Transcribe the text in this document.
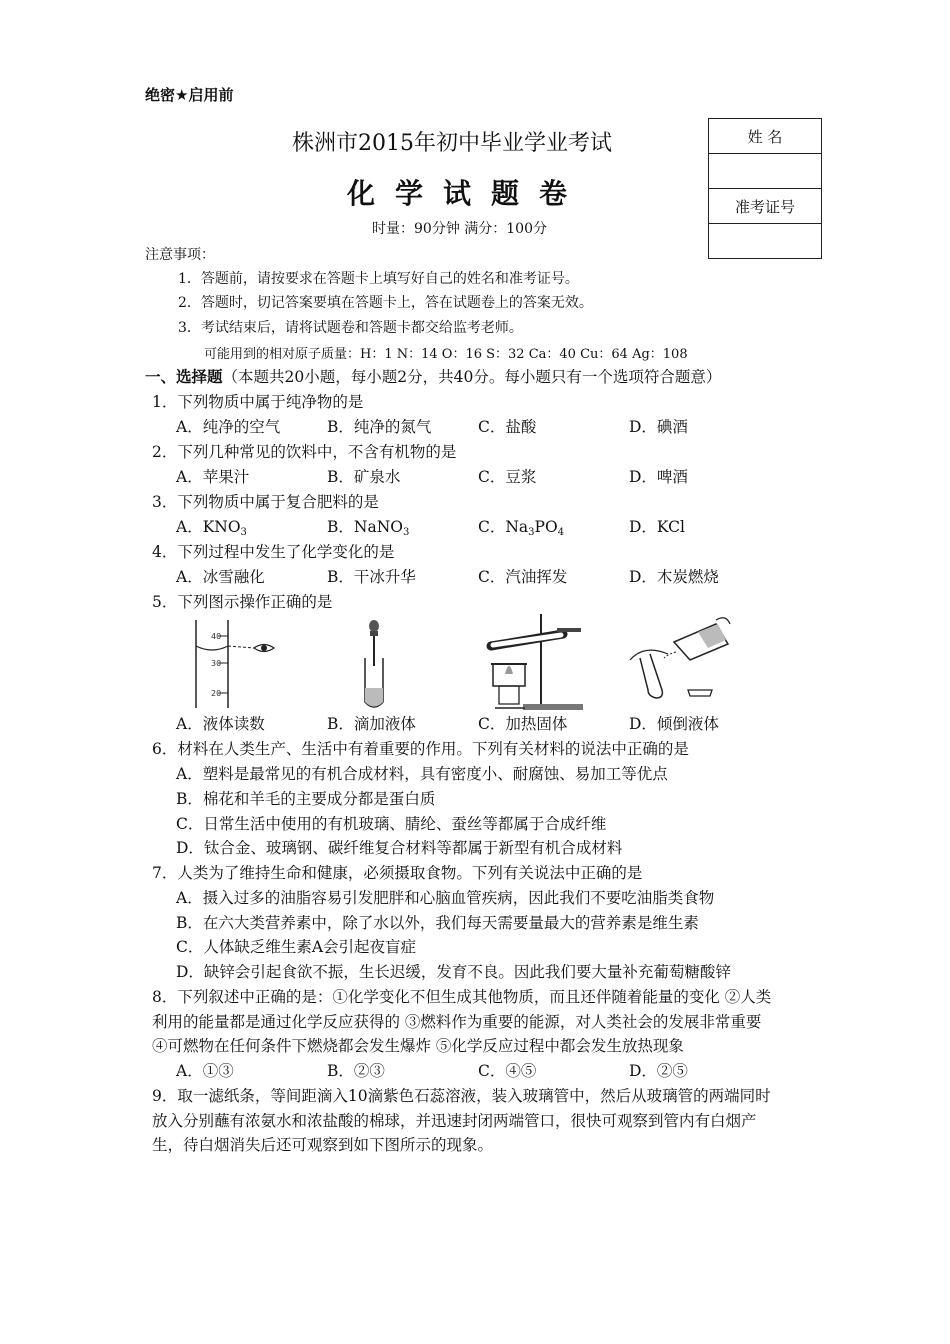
绝密★启用前
株洲市2015年初中毕业学业考试
化学试题卷
时量：90分钟 满分：100分
姓 名

准考证号

注意事项：
1．答题前，请按要求在答题卡上填写好自己的姓名和准考证号。
2．答题时，切记答案要填在答题卡上，答在试题卷上的答案无效。
3．考试结束后，请将试题卷和答题卡都交给监考老师。
可能用到的相对原子质量：H：1 N：14 O：16 S：32 Ca：40 Cu：64 Ag：108
一、选择题（本题共20小题，每小题2分，共40分。每小题只有一个选项符合题意）
1．下列物质中属于纯净物的是
A．纯净的空气	B．纯净的氮气	C．盐酸	D．碘酒
2．下列几种常见的饮料中，不含有机物的是
A．苹果汁	B．矿泉水	C．豆浆	D．啤酒
3．下列物质中属于复合肥料的是
A．$KNO_3$	B．NaNO$_3$	C．$Na_3PO_4$	D．KCl
4．下列过程中发生了化学变化的是
A．冰雪融化	B．干冰升华	C．汽油挥发	D．木炭燃烧
5．下列图示操作正确的是
40
30
20
A．液体读数	B．滴加液体	C．加热固体	D．倾倒液体
6．材料在人类生产、生活中有着重要的作用。下列有关材料的说法中正确的是
A．塑料是最常见的有机合成材料，具有密度小、耐腐蚀、易加工等优点
B．棉花和羊毛的主要成分都是蛋白质
C．日常生活中使用的有机玻璃、腈纶、蚕丝等都属于合成纤维
D．钛合金、玻璃钢、碳纤维复合材料等都属于新型有机合成材料
7．人类为了维持生命和健康，必须摄取食物。下列有关说法中正确的是
A．摄入过多的油脂容易引发肥胖和心脑血管疾病，因此我们不要吃油脂类食物
B．在六大类营养素中，除了水以外，我们每天需要量最大的营养素是维生素
C．人体缺乏维生素A会引起夜盲症
D．缺锌会引起食欲不振，生长迟缓，发育不良。因此我们要大量补充葡萄糖酸锌
8．下列叙述中正确的是：①化学变化不但生成其他物质，而且还伴随着能量的变化 ②人类
利用的能量都是通过化学反应获得的 ③燃料作为重要的能源，对人类社会的发展非常重要
④可燃物在任何条件下燃烧都会发生爆炸 ⑤化学反应过程中都会发生放热现象
A．①③	B．②③	C．④⑤	D．②⑤
9．取一滤纸条，等间距滴入10滴紫色石蕊溶液，装入玻璃管中，然后从玻璃管的两端同时
放入分别蘸有浓氨水和浓盐酸的棉球，并迅速封闭两端管口，很快可观察到管内有白烟产
生，待白烟消失后还可观察到如下图所示的现象。
